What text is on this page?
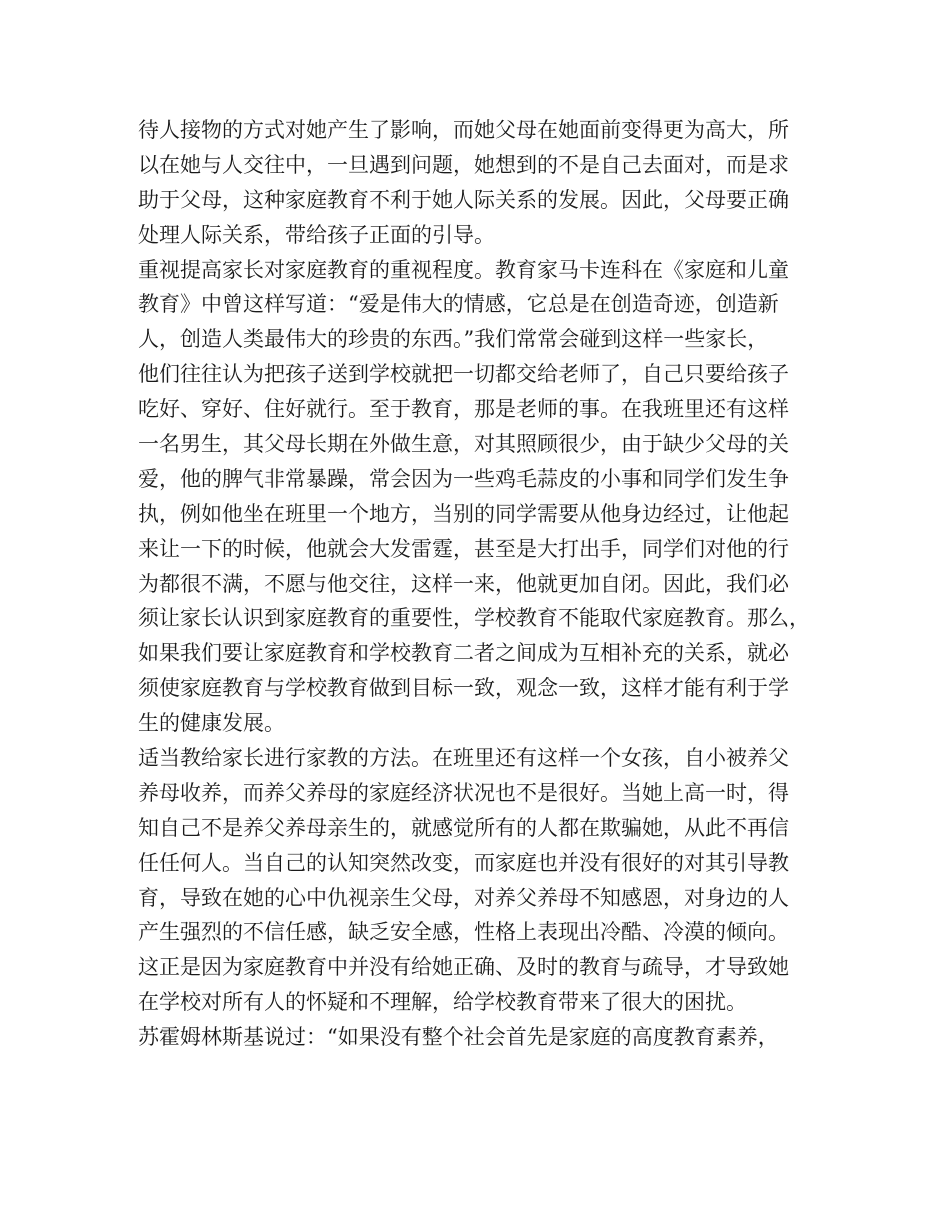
待人接物的方式对她产生了影响，而她父母在她面前变得更为高大，所
以在她与人交往中，一旦遇到问题，她想到的不是自己去面对，而是求
助于父母，这种家庭教育不利于她人际关系的发展。因此，父母要正确
处理人际关系，带给孩子正面的引导。
重视提高家长对家庭教育的重视程度。教育家马卡连科在《家庭和儿童
教育》中曾这样写道：“爱是伟大的情感，它总是在创造奇迹，创造新
人，创造人类最伟大的珍贵的东西。”我们常常会碰到这样一些家长，
他们往往认为把孩子送到学校就把一切都交给老师了，自己只要给孩子
吃好、穿好、住好就行。至于教育，那是老师的事。在我班里还有这样
一名男生，其父母长期在外做生意，对其照顾很少，由于缺少父母的关
爱，他的脾气非常暴躁，常会因为一些鸡毛蒜皮的小事和同学们发生争
执，例如他坐在班里一个地方，当别的同学需要从他身边经过，让他起
来让一下的时候，他就会大发雷霆，甚至是大打出手，同学们对他的行
为都很不满，不愿与他交往，这样一来，他就更加自闭。因此，我们必
须让家长认识到家庭教育的重要性，学校教育不能取代家庭教育。那么，
如果我们要让家庭教育和学校教育二者之间成为互相补充的关系，就必
须使家庭教育与学校教育做到目标一致，观念一致，这样才能有利于学
生的健康发展。
适当教给家长进行家教的方法。在班里还有这样一个女孩，自小被养父
养母收养，而养父养母的家庭经济状况也不是很好。当她上高一时，得
知自己不是养父养母亲生的，就感觉所有的人都在欺骗她，从此不再信
任任何人。当自己的认知突然改变，而家庭也并没有很好的对其引导教
育，导致在她的心中仇视亲生父母，对养父养母不知感恩，对身边的人
产生强烈的不信任感，缺乏安全感，性格上表现出冷酷、冷漠的倾向。
这正是因为家庭教育中并没有给她正确、及时的教育与疏导，才导致她
在学校对所有人的怀疑和不理解，给学校教育带来了很大的困扰。
苏霍姆林斯基说过：“如果没有整个社会首先是家庭的高度教育素养，
